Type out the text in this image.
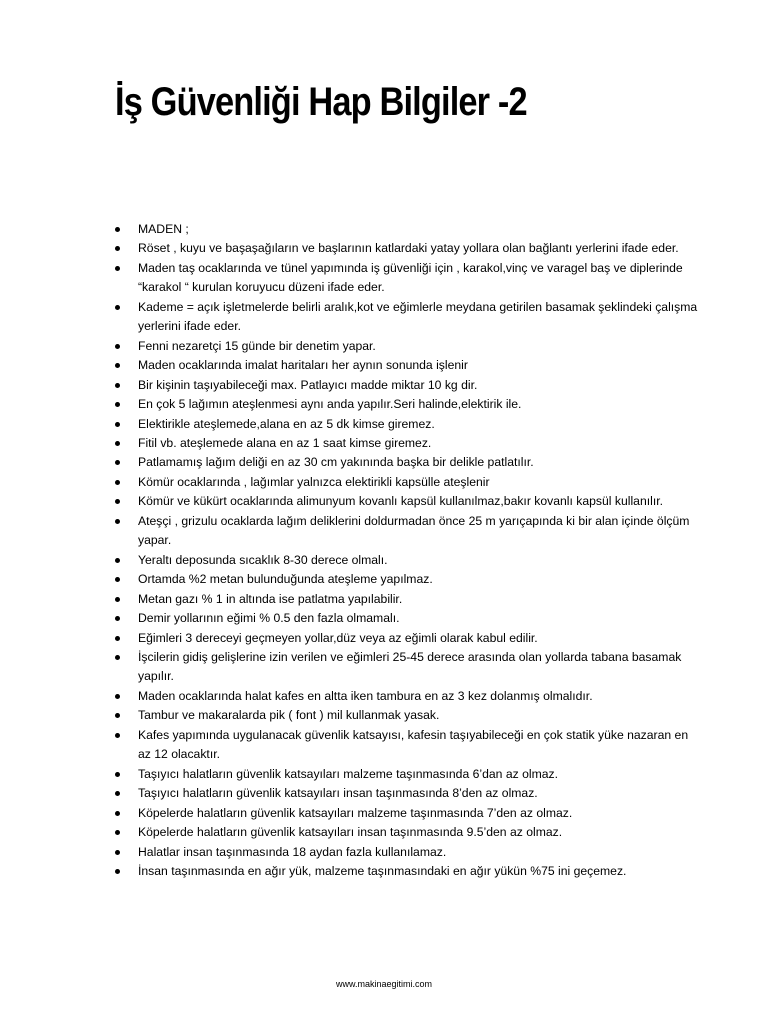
İş Güvenliği Hap Bilgiler -2
MADEN ;
Röset , kuyu ve başaşağıların ve başlarının katlardaki yatay yollara olan bağlantı yerlerini ifade eder.
Maden taş ocaklarında ve tünel yapımında iş güvenliği için , karakol,vinç ve varagel baş ve diplerinde “karakol “ kurulan koruyucu düzeni ifade eder.
Kademe = açık işletmelerde belirli aralık,kot ve eğimlerle meydana getirilen basamak şeklindeki çalışma yerlerini ifade eder.
Fenni nezaretçi 15 günde bir denetim yapar.
Maden ocaklarında imalat haritaları her aynın sonunda işlenir
Bir kişinin taşıyabileceği max. Patlayıcı madde miktar 10 kg dir.
En çok 5 lağımın ateşlenmesi aynı anda yapılır.Seri halinde,elektirik ile.
Elektirikle ateşlemede,alana en az 5 dk kimse giremez.
Fitil vb. ateşlemede alana en az 1 saat kimse giremez.
Patlamamış lağım deliği en az 30 cm yakınında başka bir delikle patlatılır.
Kömür ocaklarında , lağımlar yalnızca elektirikli kapsülle ateşlenir
Kömür ve kükürt ocaklarında alimunyum kovanlı kapsül kullanılmaz,bakır kovanlı kapsül kullanılır.
Ateşçi , grizulu ocaklarda lağım deliklerini doldurmadan önce 25 m yarıçapında ki bir alan içinde ölçüm yapar.
Yeraltı deposunda sıcaklık 8-30 derece olmalı.
Ortamda %2 metan bulunduğunda ateşleme yapılmaz.
Metan gazı % 1 in altında ise patlatma yapılabilir.
Demir yollarının eğimi % 0.5 den fazla olmamalı.
Eğimleri 3 dereceyi geçmeyen yollar,düz veya az eğimli olarak kabul edilir.
İşcilerin gidiş gelişlerine izin verilen ve eğimleri 25-45 derece arasında olan yollarda tabana basamak yapılır.
Maden ocaklarında halat kafes en altta iken tambura en az 3 kez dolanmış olmalıdır.
Tambur ve makaralarda pik ( font ) mil kullanmak yasak.
Kafes yapımında uygulanacak güvenlik katsayısı, kafesin taşıyabileceği en çok statik yüke nazaran en az 12 olacaktır.
Taşıyıcı halatların güvenlik katsayıları malzeme taşınmasında 6’dan az olmaz.
Taşıyıcı halatların güvenlik katsayıları insan taşınmasında 8’den az olmaz.
Köpelerde halatların güvenlik katsayıları malzeme taşınmasında 7’den az olmaz.
Köpelerde halatların güvenlik katsayıları insan taşınmasında 9.5’den az olmaz.
Halatlar insan taşınmasında 18 aydan fazla kullanılamaz.
İnsan taşınmasında en ağır yük, malzeme taşınmasındaki en ağır yükün %75 ini geçemez.
www.makinaegitimi.com
